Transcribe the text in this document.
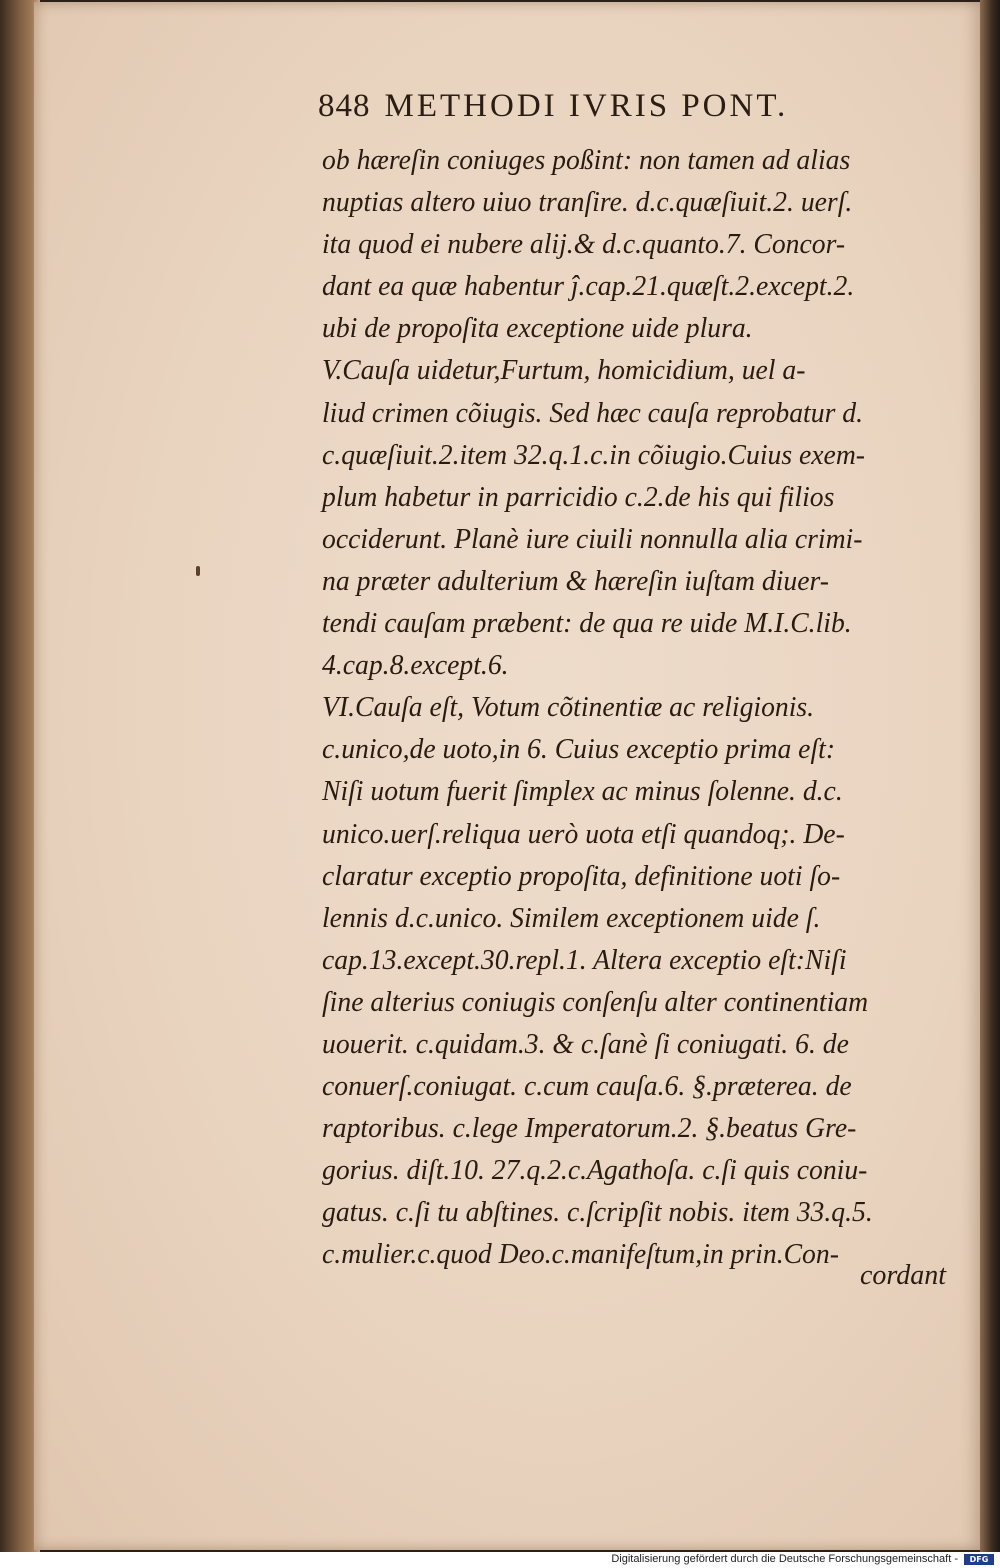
848 METHODI IVRIS PONT.
ob hæreſin coniuges poßint: non tamen ad alias
nuptias altero uiuo tranſire. d.c.quæſiuit.2. uerſ.
ita quod ei nubere alij.& d.c.quanto.7. Concor-
dant ea quæ habentur ĵ.cap.21.quæſt.2.except.2.
ubi de propoſita exceptione uide plura.
V.Cauſa uidetur,Furtum, homicidium, uel a-
liud crimen cõiugis. Sed hæc cauſa reprobatur d.
c.quæſiuit.2.item 32.q.1.c.in cõiugio.Cuius exem-
plum habetur in parricidio c.2.de his qui filios
occiderunt. Planè iure ciuili nonnulla alia crimi-
na præter adulterium & hæreſin iuſtam diuer-
tendi cauſam præbent: de qua re uide M.I.C.lib.
4.cap.8.except.6.
VI.Cauſa eſt, Votum cõtinentiæ ac religionis.
c.unico,de uoto,in 6. Cuius exceptio prima eſt:
Niſi uotum fuerit ſimplex ac minus ſolenne. d.c.
unico.uerſ.reliqua uerò uota etſi quandoq;. De-
claratur exceptio propoſita, definitione uoti ſo-
lennis d.c.unico. Similem exceptionem uide ſ.
cap.13.except.30.repl.1. Altera exceptio eſt:Niſi
ſine alterius coniugis conſenſu alter continentiam
uouerit. c.quidam.3. & c.ſanè ſi coniugati. 6. de
conuerſ.coniugat. c.cum cauſa.6. §.præterea. de
raptoribus. c.lege Imperatorum.2. §.beatus Gre-
gorius. diſt.10. 27.q.2.c.Agathoſa. c.ſi quis coniu-
gatus. c.ſi tu abſtines. c.ſcripſit nobis. item 33.q.5.
c.mulier.c.quod Deo.c.manifeſtum,in prin.Con-
cordant
Digitalisierung gefördert durch die Deutsche Forschungsgemeinschaft -	DFG
